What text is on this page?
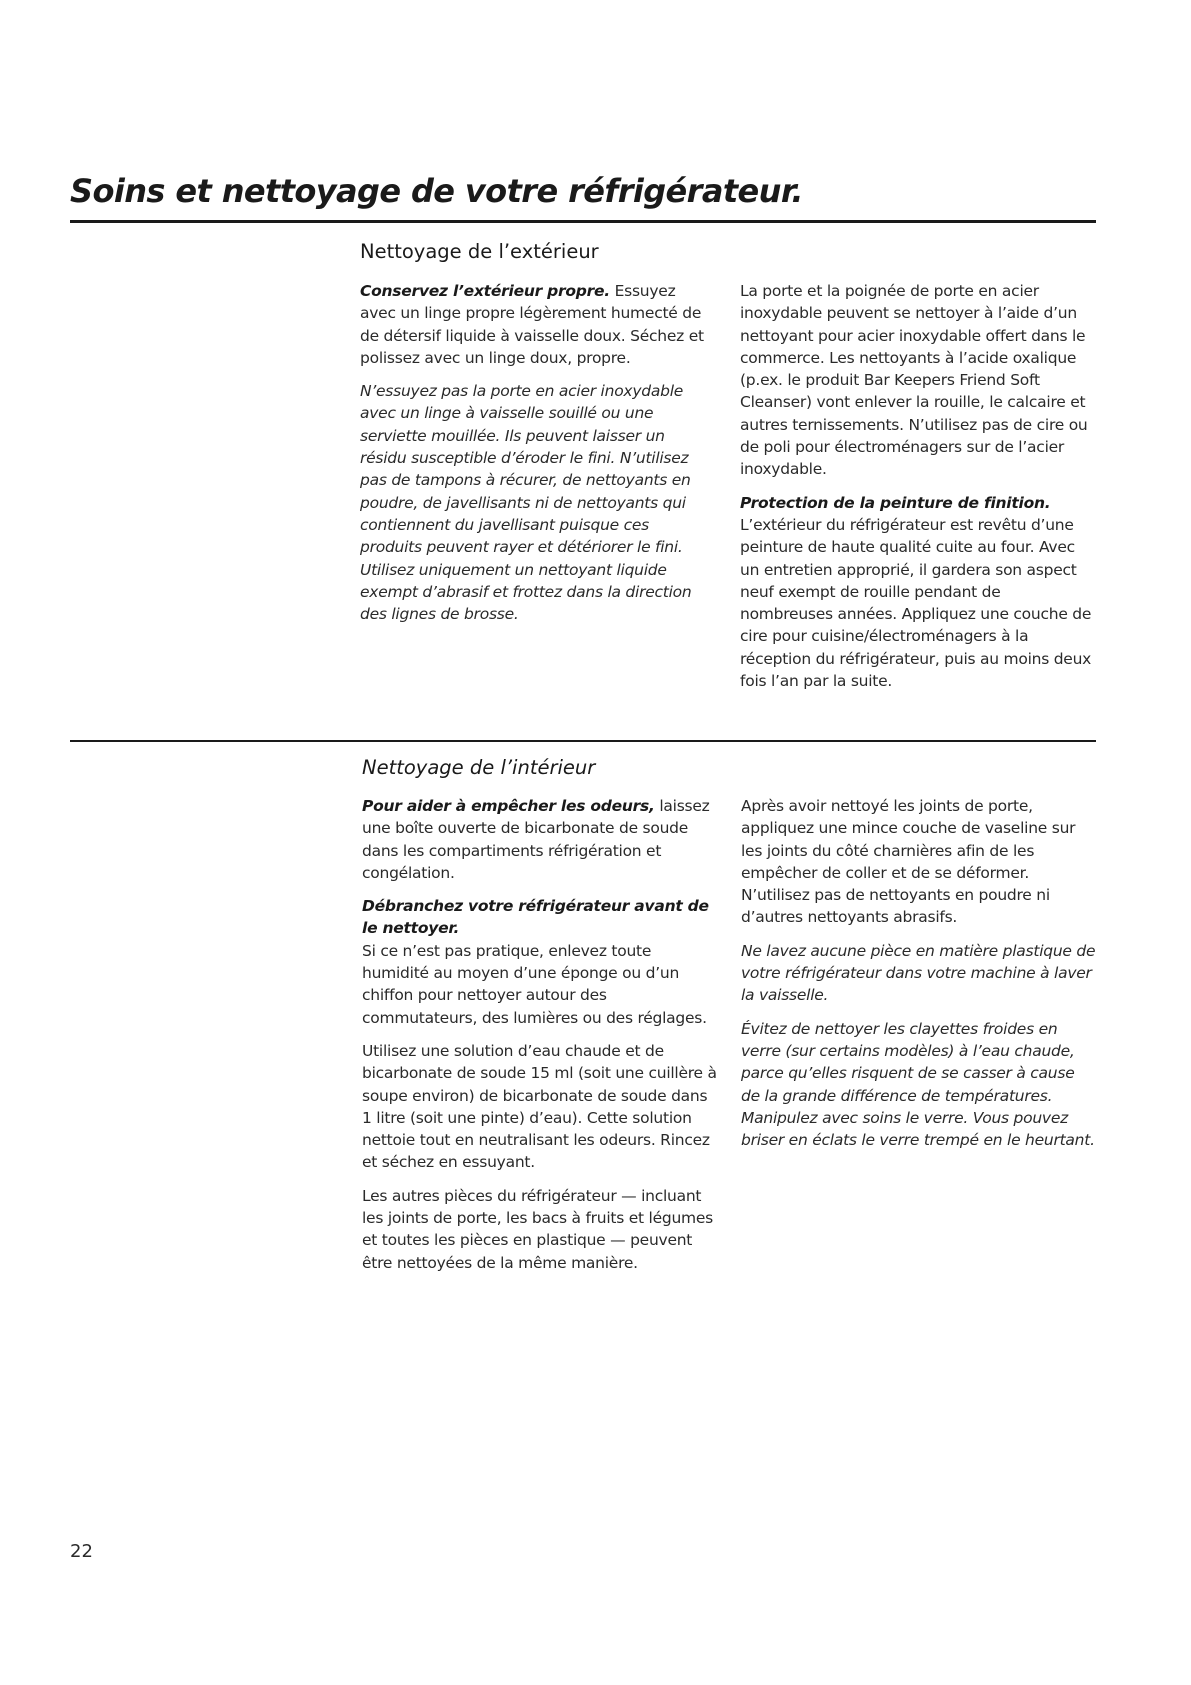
Soins et nettoyage de votre réfrigérateur.
Nettoyage de l’extérieur

Conservez l’extérieur propre. Essuyez avec un linge propre légèrement humecté de de détersif liquide à vaisselle doux. Séchez et polissez avec un linge doux, propre.

N’essuyez pas la porte en acier inoxydable avec un linge à vaisselle souillé ou une serviette mouillée. Ils peuvent laisser un résidu susceptible d’éroder le fini. N’utilisez pas de tampons à récurer, de nettoyants en poudre, de javellisants ni de nettoyants qui contiennent du javellisant puisque ces produits peuvent rayer et détériorer le fini. Utilisez uniquement un nettoyant liquide exempt d’abrasif et frottez dans la direction des lignes de brosse.

La porte et la poignée de porte en acier inoxydable peuvent se nettoyer à l’aide d’un nettoyant pour acier inoxydable offert dans le commerce. Les nettoyants à l’acide oxalique (p.ex. le produit Bar Keepers Friend Soft Cleanser) vont enlever la rouille, le calcaire et autres ternissements. N’utilisez pas de cire ou de poli pour électroménagers sur de l’acier inoxydable.

Protection de la peinture de finition.
L’extérieur du réfrigérateur est revêtu d’une peinture de haute qualité cuite au four. Avec un entretien approprié, il gardera son aspect neuf exempt de rouille pendant de nombreuses années. Appliquez une couche de cire pour cuisine/électroménagers à la réception du réfrigérateur, puis au moins deux fois l’an par la suite.

Nettoyage de l’intérieur

Pour aider à empêcher les odeurs, laissez une boîte ouverte de bicarbonate de soude dans les compartiments réfrigération et congélation.

Débranchez votre réfrigérateur avant de le nettoyer.
Si ce n’est pas pratique, enlevez toute humidité au moyen d’une éponge ou d’un chiffon pour nettoyer autour des commutateurs, des lumières ou des réglages.

Utilisez une solution d’eau chaude et de bicarbonate de soude 15 ml (soit une cuillère à soupe environ) de bicarbonate de soude dans 1 litre (soit une pinte) d’eau). Cette solution nettoie tout en neutralisant les odeurs. Rincez et séchez en essuyant.

Les autres pièces du réfrigérateur — incluant les joints de porte, les bacs à fruits et légumes et toutes les pièces en plastique — peuvent être nettoyées de la même manière.

Après avoir nettoyé les joints de porte, appliquez une mince couche de vaseline sur les joints du côté charnières afin de les empêcher de coller et de se déformer. N’utilisez pas de nettoyants en poudre ni d’autres nettoyants abrasifs.

Ne lavez aucune pièce en matière plastique de votre réfrigérateur dans votre machine à laver la vaisselle.

Évitez de nettoyer les clayettes froides en verre (sur certains modèles) à l’eau chaude, parce qu’elles risquent de se casser à cause de la grande différence de températures. Manipulez avec soins le verre. Vous pouvez briser en éclats le verre trempé en le heurtant.

22
